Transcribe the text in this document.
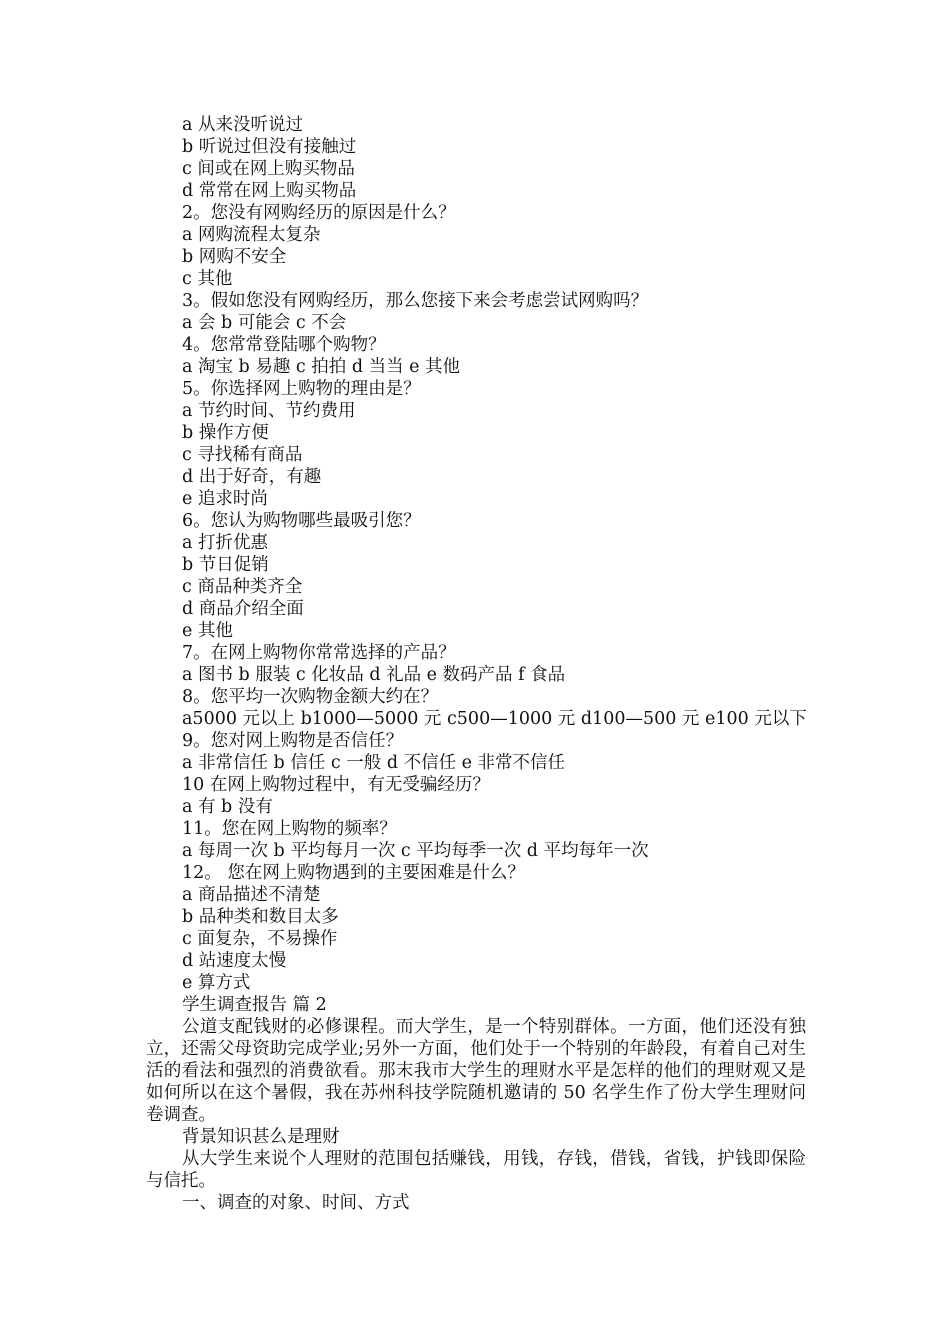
a 从来没听说过
b 听说过但没有接触过
c 间或在网上购买物品
d 常常在网上购买物品
2。您没有网购经历的原因是什么？
a 网购流程太复杂
b 网购不安全
c 其他
3。假如您没有网购经历，那么您接下来会考虑尝试网购吗？
a 会 b 可能会 c 不会
4。您常常登陆哪个购物？
a 淘宝 b 易趣 c 拍拍 d 当当 e 其他
5。你选择网上购物的理由是？
a 节约时间、节约费用
b 操作方便
c 寻找稀有商品
d 出于好奇，有趣
e 追求时尚
6。您认为购物哪些最吸引您？
a 打折优惠
b 节日促销
c 商品种类齐全
d 商品介绍全面
e 其他
7。在网上购物你常常选择的产品？
a 图书 b 服装 c 化妆品 d 礼品 e 数码产品 f 食品
8。您平均一次购物金额大约在？
a5000 元以上 b1000—5000 元 c500—1000 元 d100—500 元 e100 元以下
9。您对网上购物是否信任？
a 非常信任 b 信任 c 一般 d 不信任 e 非常不信任
10 在网上购物过程中，有无受骗经历？
a 有 b 没有
11。您在网上购物的频率？
a 每周一次 b 平均每月一次 c 平均每季一次 d 平均每年一次
12。 您在网上购物遇到的主要困难是什么？
a 商品描述不清楚
b 品种类和数目太多
c 面复杂，不易操作
d 站速度太慢
e 算方式
学生调查报告 篇 2
公道支配钱财的必修课程。而大学生，是一个特别群体。一方面，他们还没有独立，还需父母资助完成学业;另外一方面，他们处于一个特别的年龄段，有着自己对生活的看法和强烈的消费欲看。那末我市大学生的理财水平是怎样的他们的理财观又是如何所以在这个暑假，我在苏州科技学院随机邀请的 50 名学生作了份大学生理财问卷调查。
背景知识甚么是理财
从大学生来说个人理财的范围包括赚钱，用钱，存钱，借钱，省钱，护钱即保险与信托。
一、调查的对象、时间、方式
